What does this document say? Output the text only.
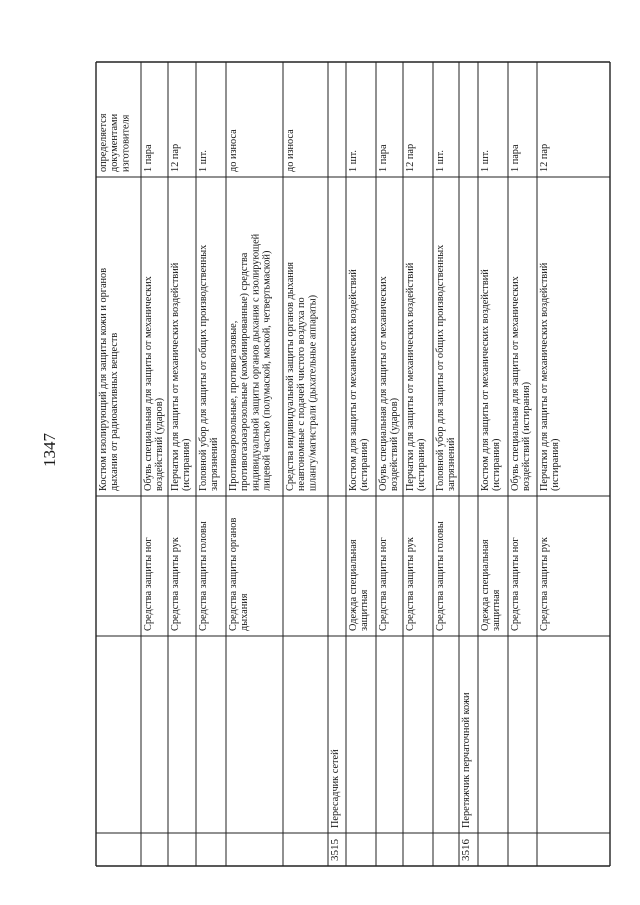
1347	Костюм изолирующий для защиты кожи и органовдыхания от радиоактивных веществ
определяетсядокументамиизготовителя
Средства защиты ног
Обувь специальная для защиты от механическихвоздействий (ударов)
1 пара
Средства защиты рук
Перчатки для защиты от механических воздействий(истирания)
12 пар
Средства защиты головы
Головной убор для защиты от общих производственныхзагрязнений
1 шт.
Средства защиты органовдыхания
Противоаэрозольные, противогазовые,противогазоаэрозольные (комбинированные) средстваиндивидуальной защиты органов дыхания с изолирующейлицевой частью (полумаской, маской, четвертьмаской)
до износа
Средства индивидуальной защиты органов дыханиянеавтономные с подачей чистого воздуха пошлангу/магистрали (дыхательные аппараты)
до износа
3515
Пересадчик сетей
Одежда специальнаязащитная
Костюм для защиты от механических воздействий(истирания)
1 шт.
Средства защиты ног
Обувь специальная для защиты от механическихвоздействий (ударов)
1 пара
Средства защиты рук
Перчатки для защиты от механических воздействий(истирания)
12 пар
Средства защиты головы
Головной убор для защиты от общих производственныхзагрязнений
1 шт.
3516
Перетяжчик перчаточной кожи
Одежда специальнаязащитная
Костюм для защиты от механических воздействий(истирания)
1 шт.
Средства защиты ног
Обувь специальная для защиты от механическихвоздействий (истирания)
1 пара
Средства защиты рук
Перчатки для защиты от механических воздействий(истирания)
12 пар
